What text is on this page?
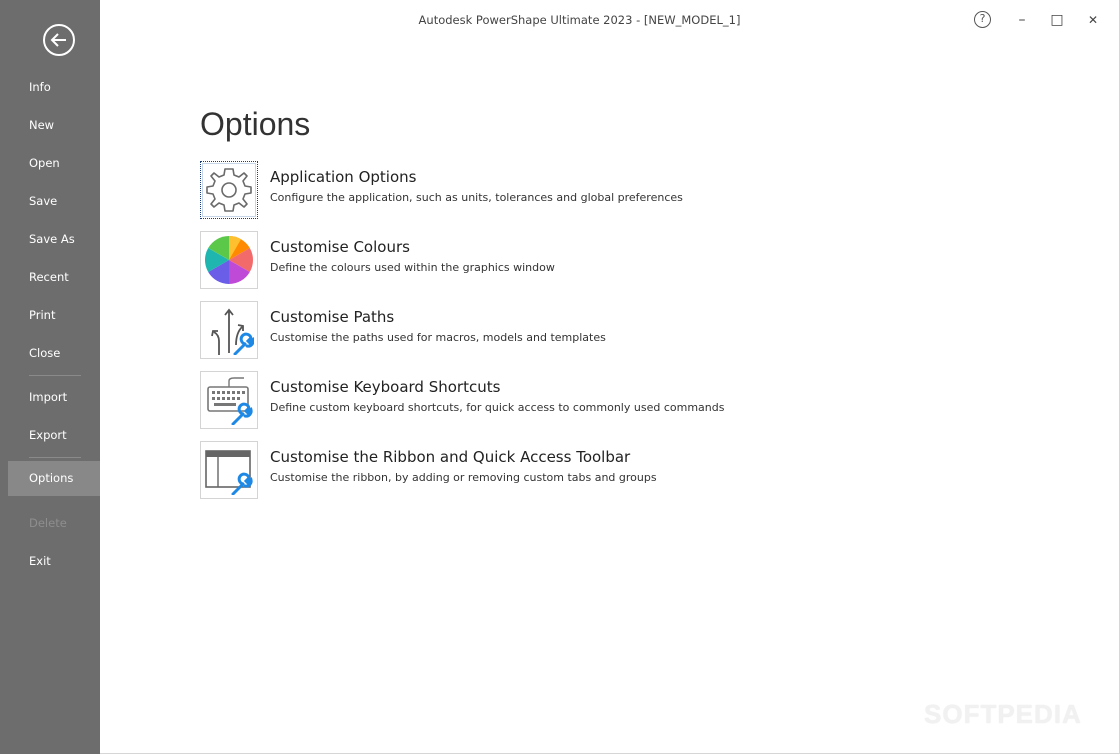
Info
New
Open
Save
Save As
Recent
Print
Close
Import
Export
Options
Delete
Exit
Autodesk PowerShape Ultimate 2023 - [NEW_MODEL_1]	?	–	□	✕
Options
Application Options
Configure the application, such as units, tolerances and global preferences
Customise Colours
Define the colours used within the graphics window
Customise Paths
Customise the paths used for macros, models and templates
Customise Keyboard Shortcuts
Define custom keyboard shortcuts, for quick access to commonly used commands
Customise the Ribbon and Quick Access Toolbar
Customise the ribbon, by adding or removing custom tabs and groups
SOFTPEDIA
